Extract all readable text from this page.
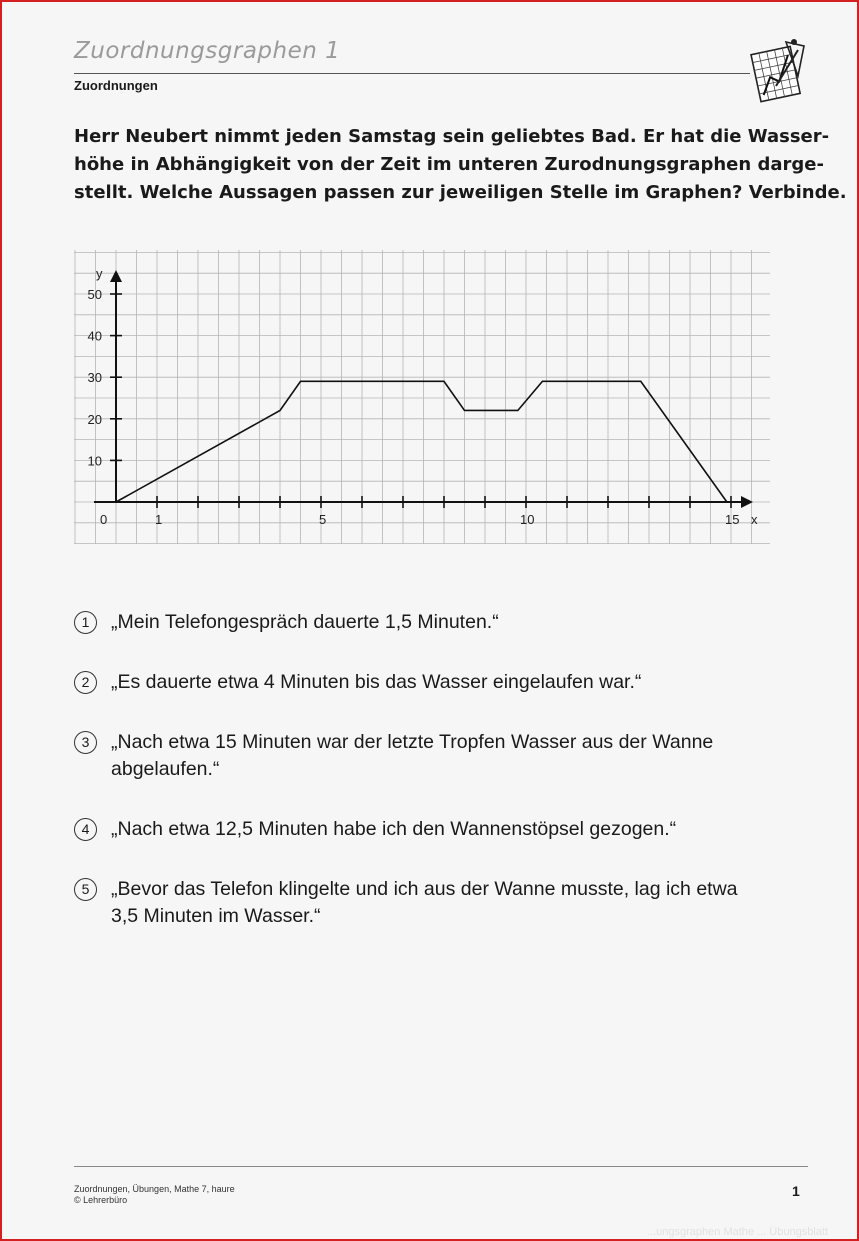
Zuordnungsgraphen 1
Zuordnungen
Herr Neubert nimmt jeden Samstag sein geliebtes Bad. Er hat die Wasser-
höhe in Abhängigkeit von der Zeit im unteren Zurodnungsgraphen darge-
stellt. Welche Aussagen passen zur jeweiligen Stelle im Graphen? Verbinde.
0	1	5	10	15
10
20
30
40
50
x
y
1	„Mein Telefongespräch dauerte 1,5 Minuten.“
2	„Es dauerte etwa 4 Minuten bis das Wasser eingelaufen war.“
3	„Nach etwa 15 Minuten war der letzte Tropfen Wasser aus der Wanne
abgelaufen.“
4	„Nach etwa 12,5 Minuten habe ich den Wannenstöpsel gezogen.“
5	„Bevor das Telefon klingelte und ich aus der Wanne musste, lag ich etwa
3,5 Minuten im Wasser.“
Zuordnungen, Übungen, Mathe 7, haure
© Lehrerbüro
1
...ungsgraphen Mathe ... Übungsblatt
